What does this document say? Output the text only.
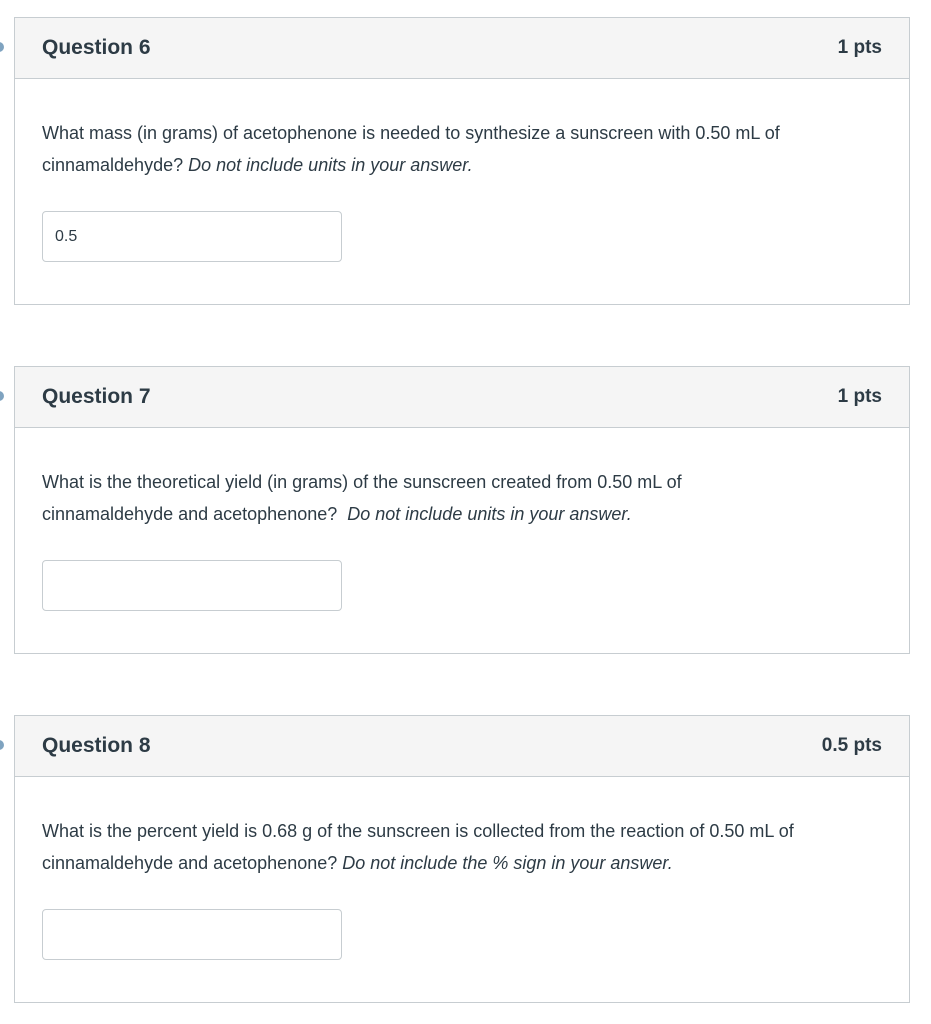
Question 6	1 pts

What mass (in grams) of acetophenone is needed to synthesize a sunscreen with 0.50 mL of cinnamaldehyde? Do not include units in your answer.

0.5
Question 7	1 pts

What is the theoretical yield (in grams) of the sunscreen created from 0.50 mL of cinnamaldehyde and acetophenone?  Do not include units in your answer.

Question 8	0.5 pts

What is the percent yield is 0.68 g of the sunscreen is collected from the reaction of 0.50 mL of cinnamaldehyde and acetophenone? Do not include the % sign in your answer.
